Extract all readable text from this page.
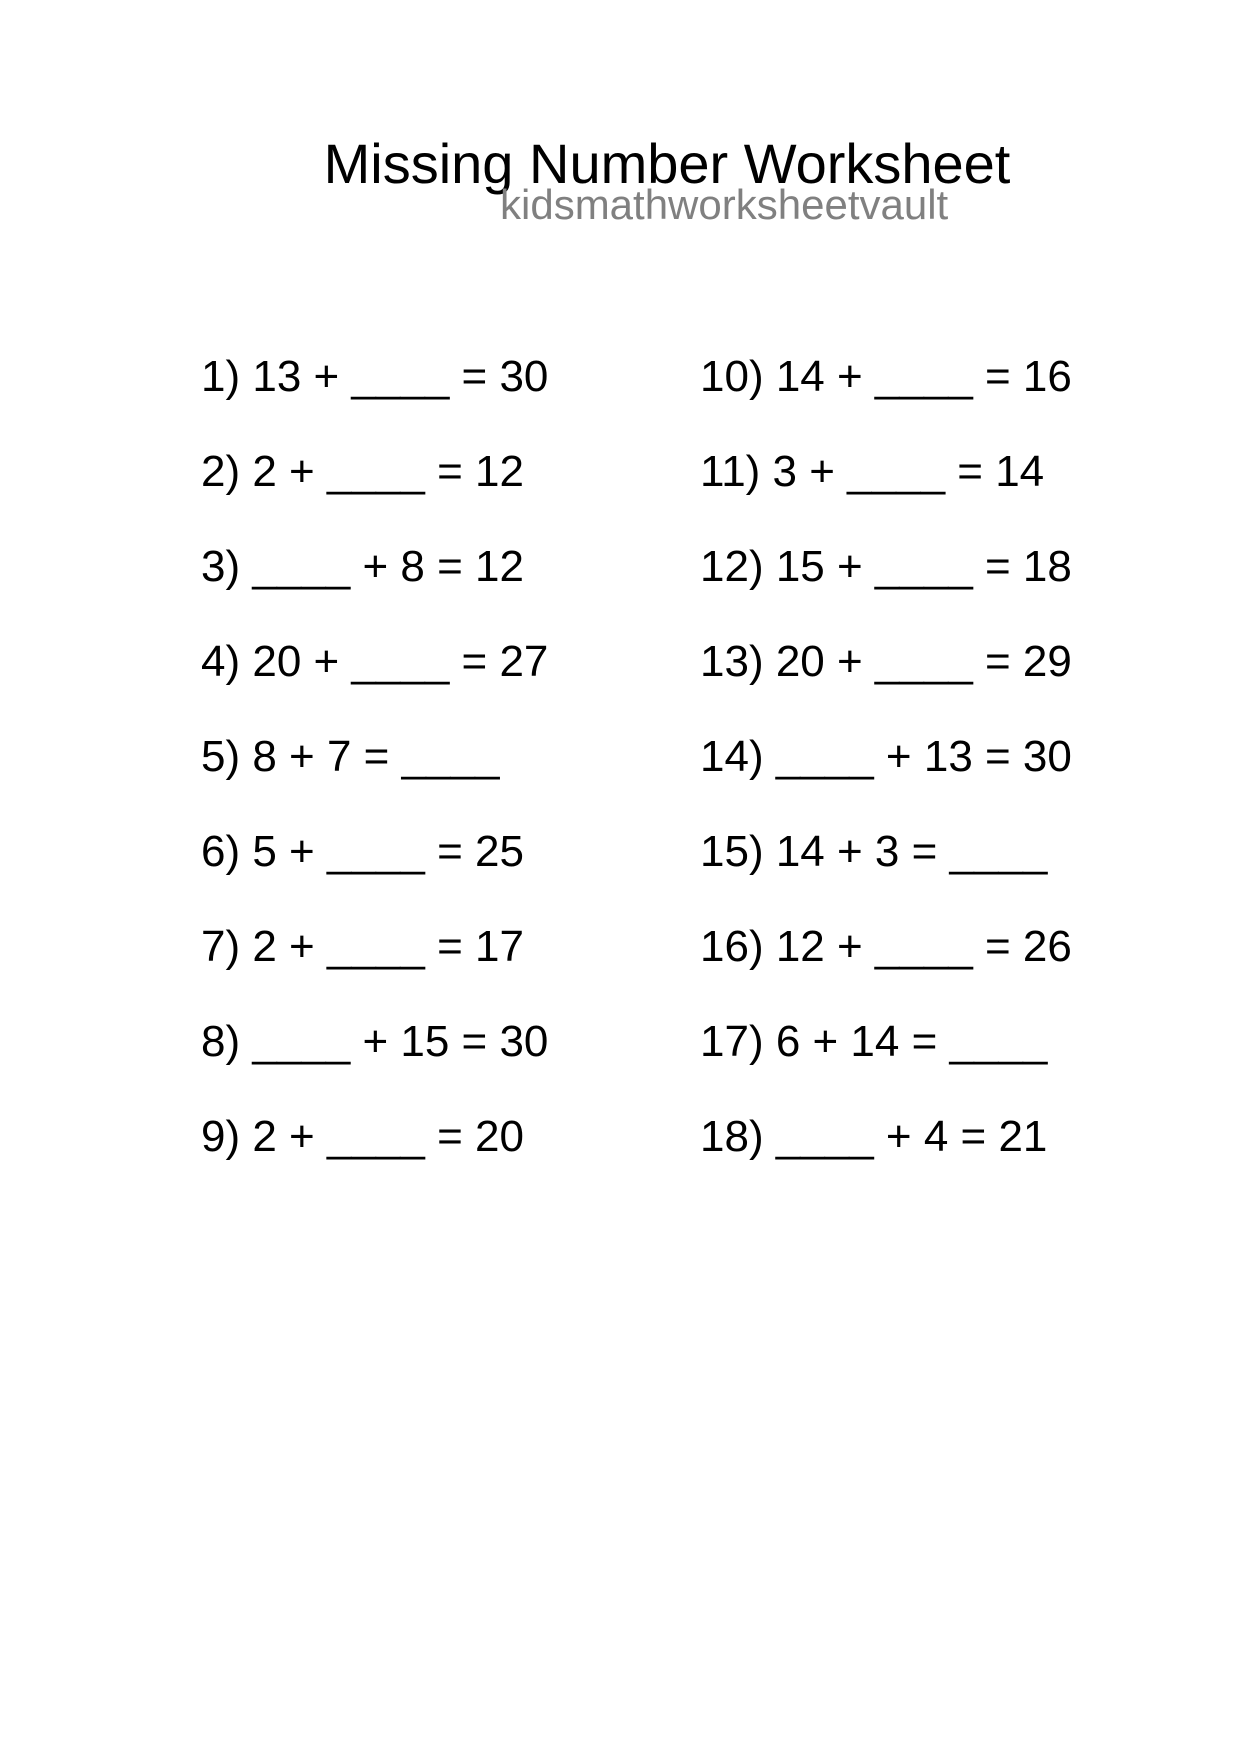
Missing Number Worksheet
kidsmathworksheetvault
1) 13 + ____ = 30
2) 2 + ____ = 12
3) ____ + 8 = 12
4) 20 + ____ = 27
5) 8 + 7 = ____
6) 5 + ____ = 25
7) 2 + ____ = 17
8) ____ + 15 = 30
9) 2 + ____ = 20
10) 14 + ____ = 16
11) 3 + ____ = 14
12) 15 + ____ = 18
13) 20 + ____ = 29
14) ____ + 13 = 30
15) 14 + 3 = ____
16) 12 + ____ = 26
17) 6 + 14 = ____
18) ____ + 4 = 21
